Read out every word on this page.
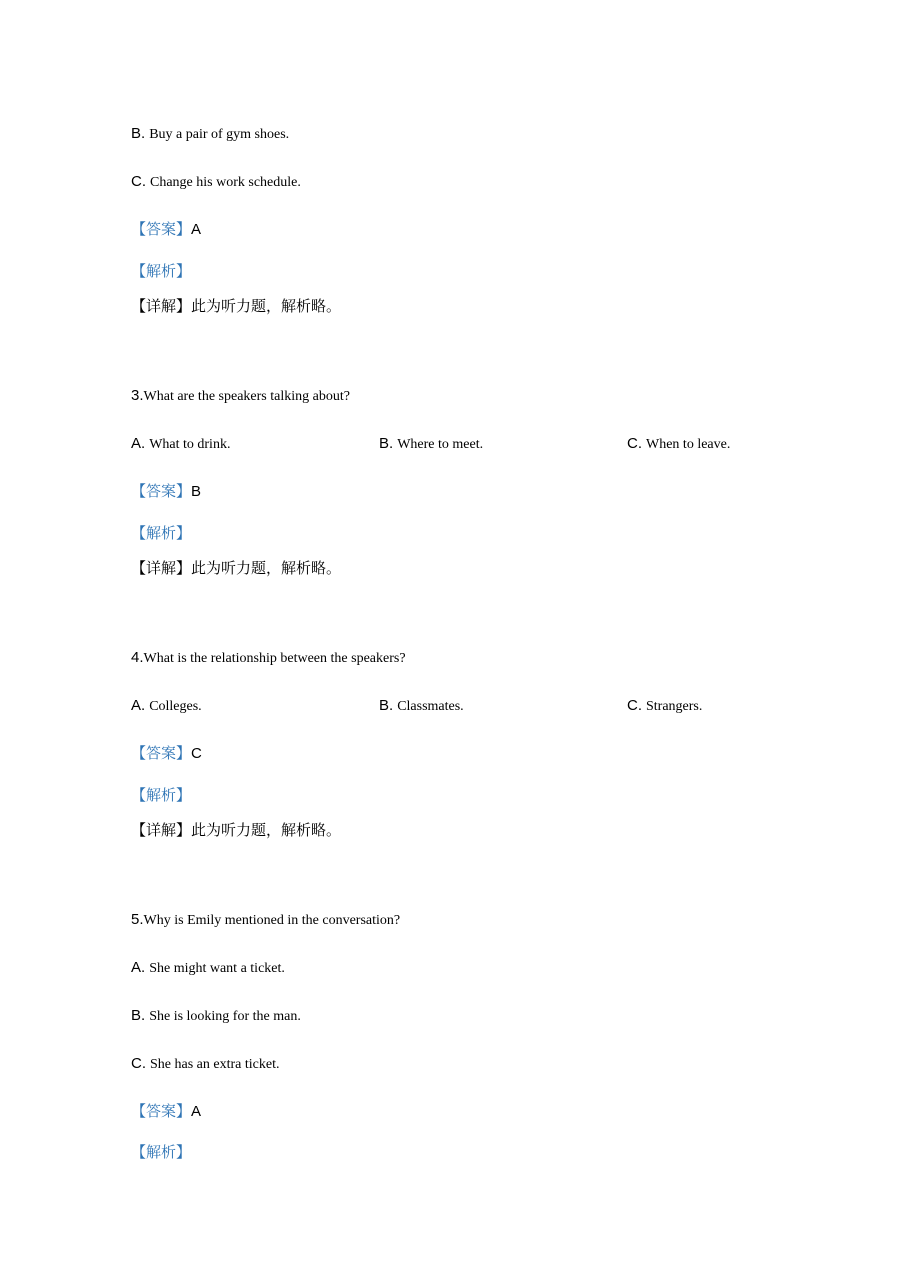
B. Buy a pair of gym shoes.
C. Change his work schedule.
【答案】A
【解析】
【详解】此为听力题，解析略。
3.What are the speakers talking about?
A. What to drink.	B. Where to meet.	C. When to leave.
【答案】B
【解析】
【详解】此为听力题，解析略。
4.What is the relationship between the speakers?
A. Colleges.	B. Classmates.	C. Strangers.
【答案】C
【解析】
【详解】此为听力题，解析略。
5.Why is Emily mentioned in the conversation?
A. She might want a ticket.
B. She is looking for the man.
C. She has an extra ticket.
【答案】A
【解析】
